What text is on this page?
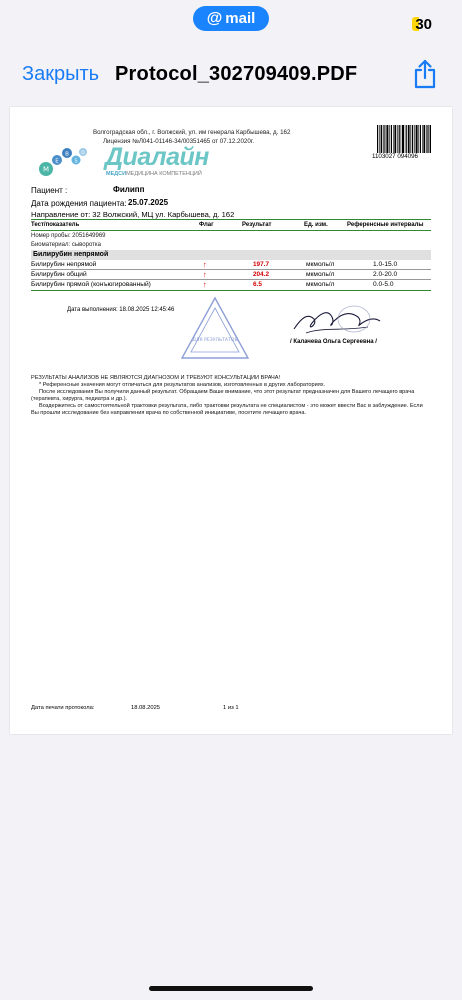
@ mail	30
Закрыть Protocol_302709409.PDF
Волгоградская обл., г. Волжский, ул. им генерала Карбышева, д. 162
Лицензия №Л041-01146-34/00351465 от 07.12.2020г.
M
E
B
S
D Диалайн
МЕДСИМЕДИЦИНА КОМПЕТЕНЦИЙ
1103027 094096
Пациент :	Филипп
Дата рождения пациента: 25.07.2025
Направление от: 32 Волжский, МЦ ул. Карбышева, д. 162
Тест/показатель	Флаг	Результат	Ед. изм.	Референсные интервалы
Номер пробы: 2051649969
Биоматериал: сыворотка
Билирубин непрямой
Билирубин непрямой	↑	197.7	мкмоль/л	1.0-15.0
Билирубин общий	↑	204.2	мкмоль/л	2.0-20.0
Билирубин прямой (конъюгированный)	↑	6.5	мкмоль/л	0.0-5.0
Дата выполнения: 18.08.2025 12:45:46
ДЛЯ РЕЗУЛЬТАТОВ	/ Калачева Ольга Сергеевна /

РЕЗУЛЬТАТЫ АНАЛИЗОВ НЕ ЯВЛЯЮТСЯ ДИАГНОЗОМ И ТРЕБУЮТ КОНСУЛЬТАЦИИ ВРАЧА!

* Референсные значения могут отличаться для результатов анализов, изготовленных в других лабораториях.

После исследования Вы получили данный результат. Обращаем Ваше внимание, что этот результат предназначен для Вашего лечащего врача (терапевта, хирурга, педиатра и др.).

Воздержитесь от самостоятельной трактовки результата, либо трактовки результата не специалистом - это может ввести Вас в заблуждение. Если Вы прошли исследование без направления врача по собственной инициативе, посетите лечащего врача.

Дата печати протокола:	18.08.2025	1 из 1
